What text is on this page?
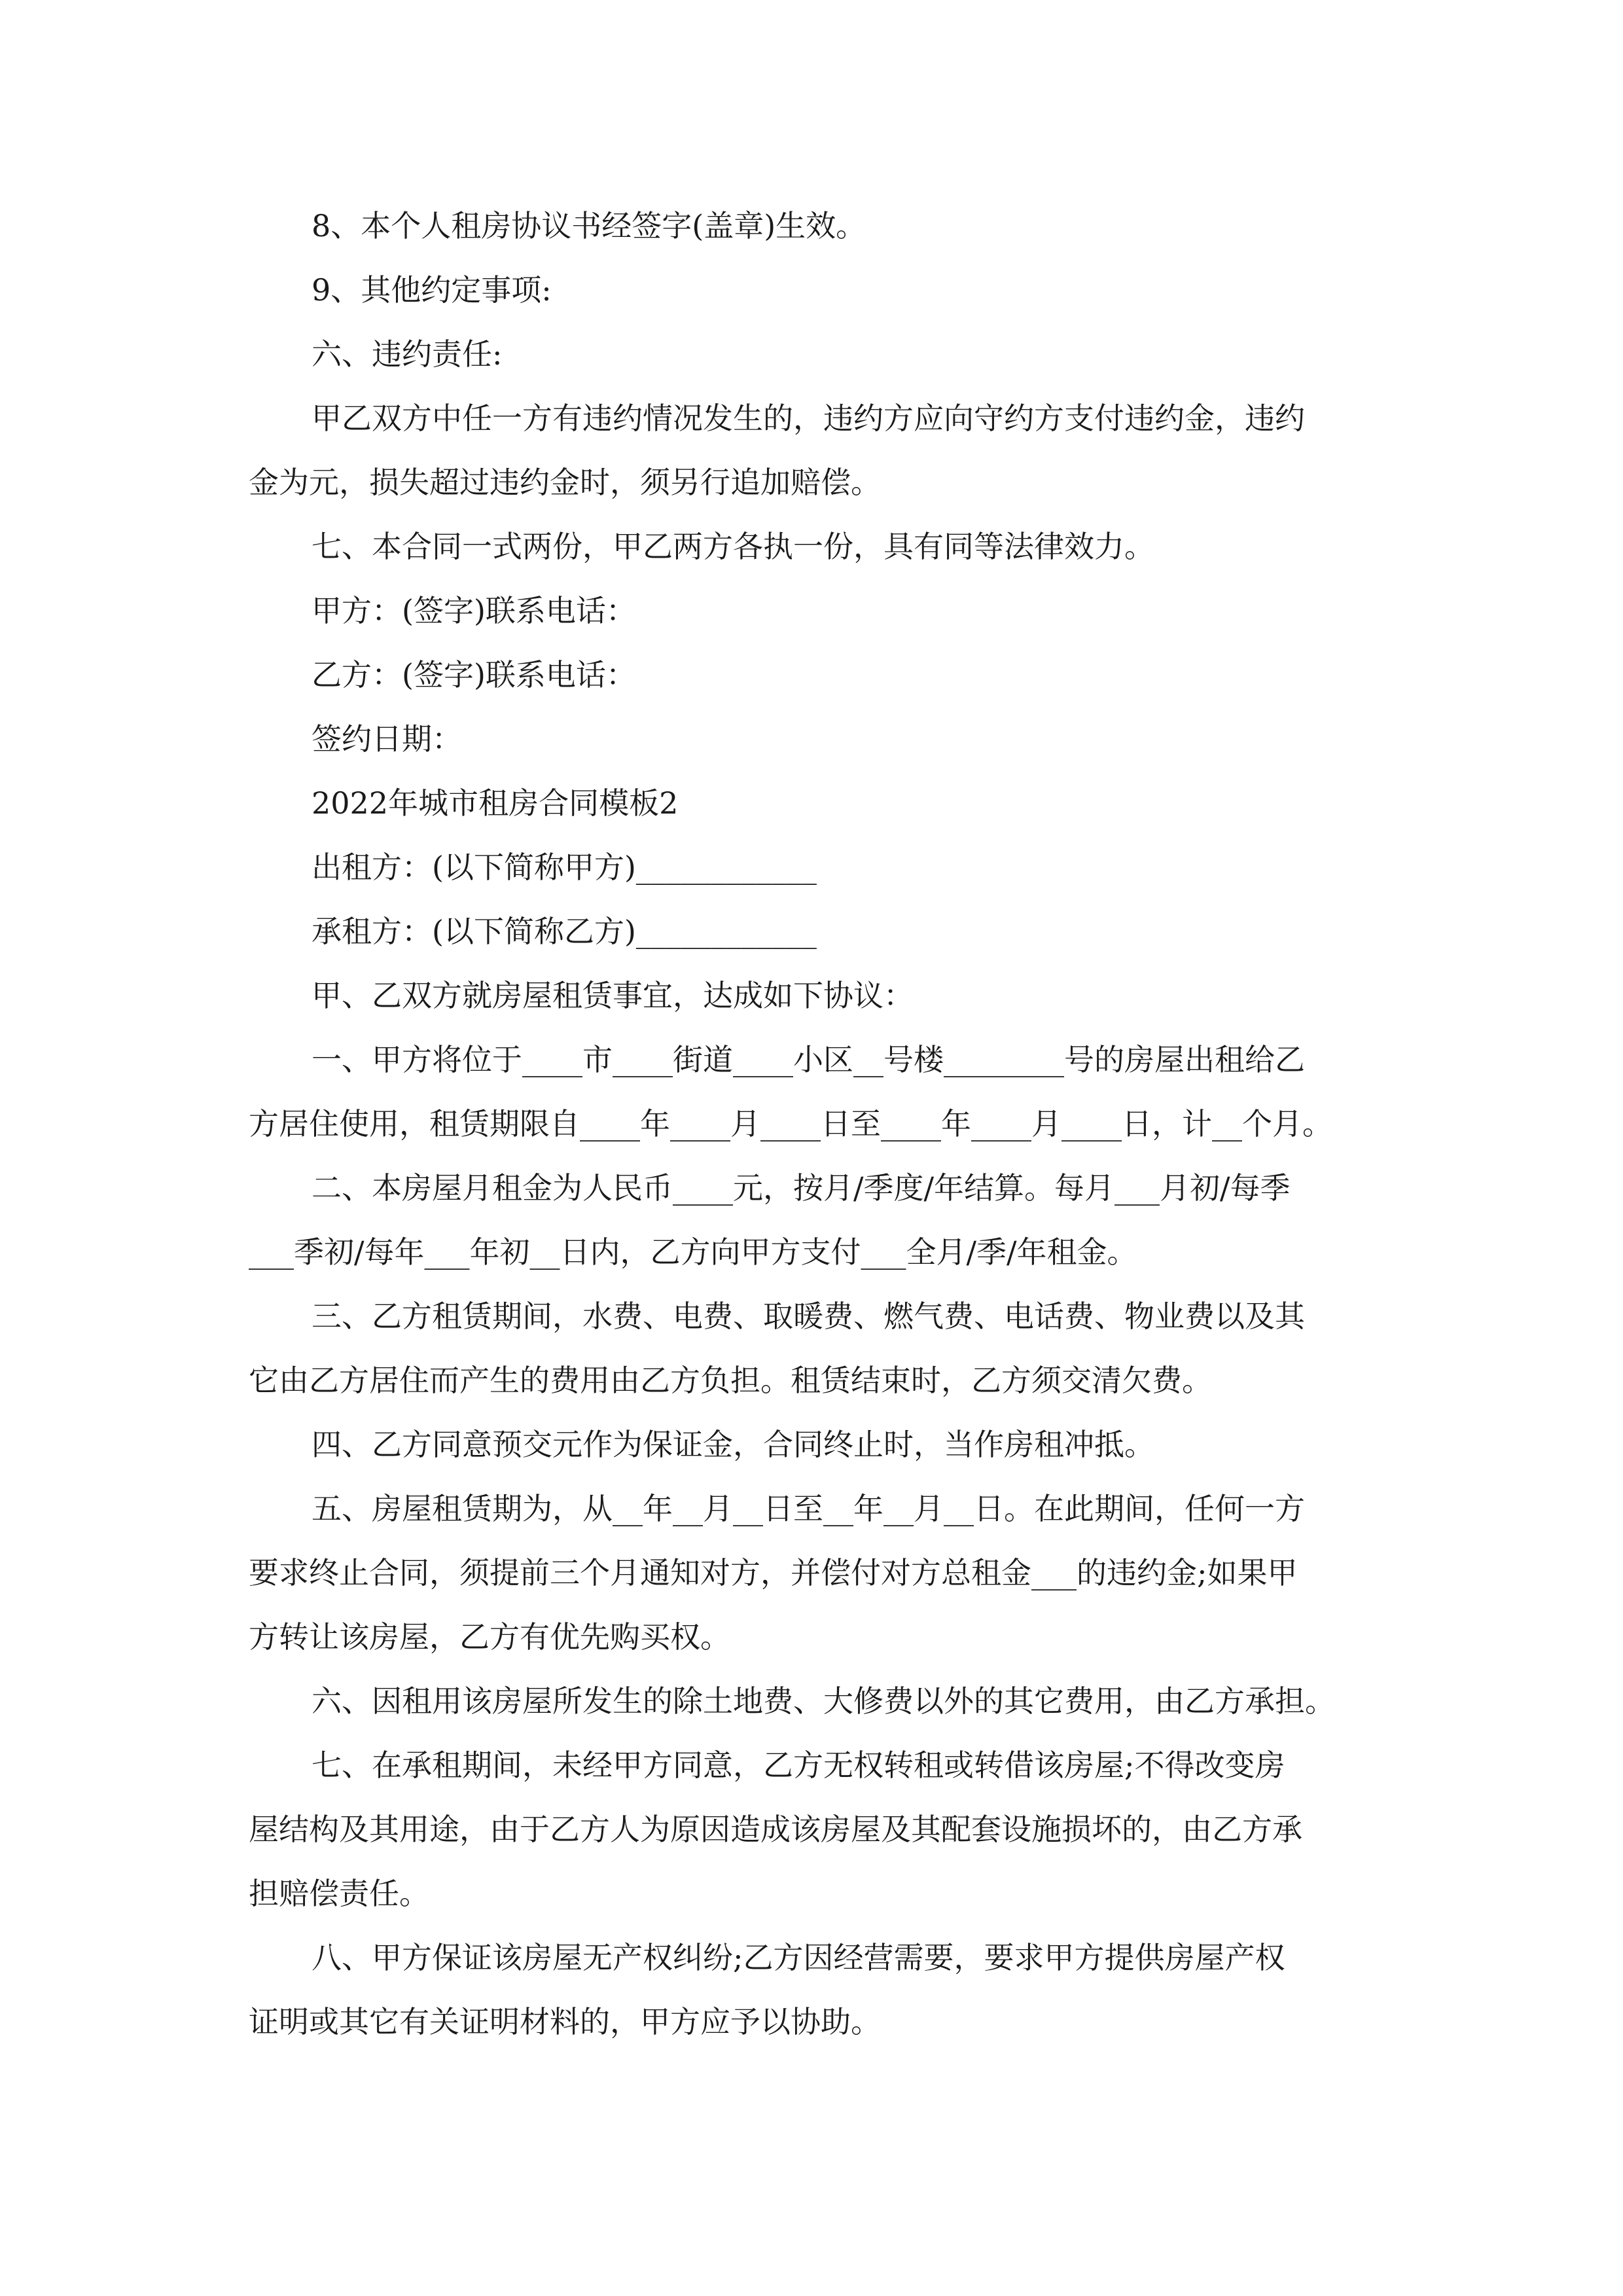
8、本个人租房协议书经签字(盖章)生效。
9、其他约定事项:
六、违约责任:
甲乙双方中任一方有违约情况发生的，违约方应向守约方支付违约金，违约
金为元，损失超过违约金时，须另行追加赔偿。
七、本合同一式两份，甲乙两方各执一份，具有同等法律效力。
甲方：(签字)联系电话：
乙方：(签字)联系电话：
签约日期：
2022年城市租房合同模板2
出租方：(以下简称甲方)____________
承租方：(以下简称乙方)____________
甲、乙双方就房屋租赁事宜，达成如下协议：
一、甲方将位于____市____街道____小区__号楼________号的房屋出租给乙
方居住使用，租赁期限自____年____月____日至____年____月____日，计__个月。
二、本房屋月租金为人民币____元，按月/季度/年结算。每月___月初/每季
___季初/每年___年初__日内，乙方向甲方支付___全月/季/年租金。
三、乙方租赁期间，水费、电费、取暖费、燃气费、电话费、物业费以及其
它由乙方居住而产生的费用由乙方负担。租赁结束时，乙方须交清欠费。
四、乙方同意预交元作为保证金，合同终止时，当作房租冲抵。
五、房屋租赁期为，从__年__月__日至__年__月__日。在此期间，任何一方
要求终止合同，须提前三个月通知对方，并偿付对方总租金___的违约金;如果甲
方转让该房屋，乙方有优先购买权。
六、因租用该房屋所发生的除土地费、大修费以外的其它费用，由乙方承担。
七、在承租期间，未经甲方同意，乙方无权转租或转借该房屋;不得改变房
屋结构及其用途，由于乙方人为原因造成该房屋及其配套设施损坏的，由乙方承
担赔偿责任。
八、甲方保证该房屋无产权纠纷;乙方因经营需要，要求甲方提供房屋产权
证明或其它有关证明材料的，甲方应予以协助。
